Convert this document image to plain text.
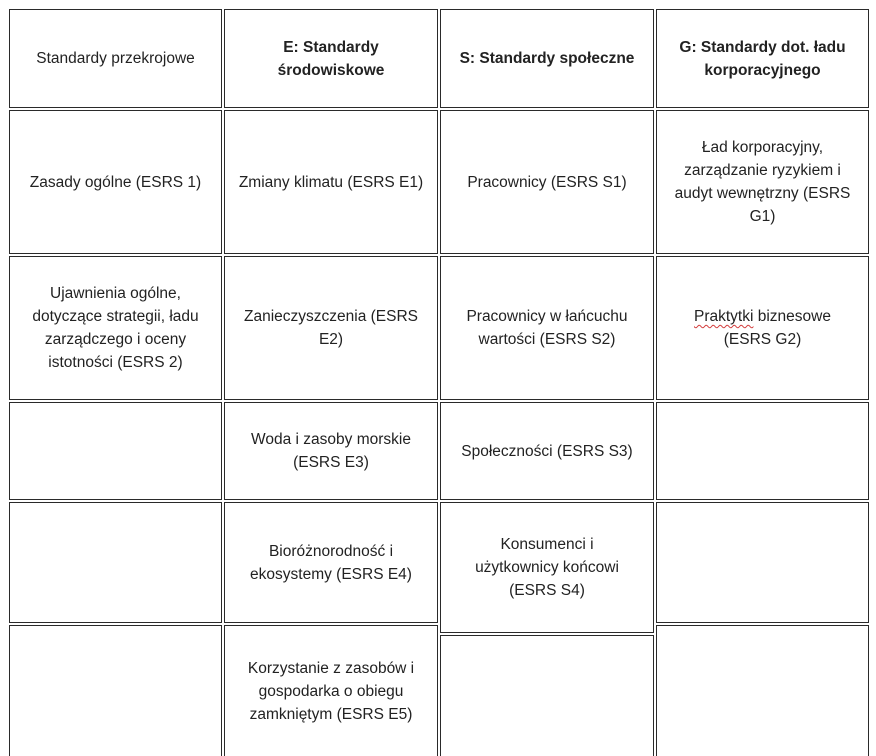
Standardy przekrojowe
E: Standardy środowiskowe
S: Standardy społeczne
G: Standardy dot. ładu korporacyjnego
Zasady ogólne (ESRS 1) Zmiany klimatu (ESRS E1)	Pracownicy (ESRS S1)
Ład korporacyjny, zarządzanie ryzykiem i audyt wewnętrzny (ESRS G1)
Ujawnienia ogólne, dotyczące strategii, ładu zarządczego i oceny istotności (ESRS 2)
Zanieczyszczenia (ESRS E2)
Pracownicy w łańcuchu wartości (ESRS S2)
Praktytki biznesowe (ESRS G2)
Woda i zasoby morskie (ESRS E3)
Społeczności (ESRS S3)
Bioróżnorodność i ekosystemy (ESRS E4)
Konsumenci i użytkownicy końcowi (ESRS S4)
Korzystanie z zasobów i gospodarka o obiegu zamkniętym (ESRS E5)
